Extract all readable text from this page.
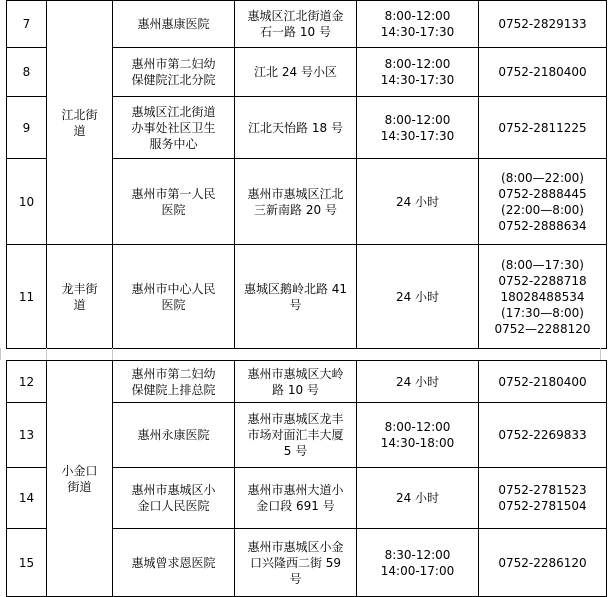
7	江北街
道	惠州惠康医院	惠城区江北街道金
石一路 10 号	8:00-12:00
14:30-17:30	0752-2829133

8		惠州市第二妇幼
保健院江北分院	江北 24 号小区	8:00-12:00
14:30-17:30	0752-2180400

9		惠城区江北街道
办事处社区卫生
服务中心	江北天怡路 18 号	8:00-12:00
14:30-17:30	0752-2811225

10		惠州市第一人民
医院	惠州市惠城区江北
三新南路 20 号	24 小时	(8:00—22:00)
0752-2888445
(22:00—8:00)
0752-2888634

11	龙丰街
道	惠州市中心人民
医院	惠城区鹅岭北路 41
号	24 小时	(8:00—17:30)
0752-2288718
18028488534
(17:30—8:00)
0752—2288120
12	小金口
街道	惠州市第二妇幼
保健院上排总院	惠州市惠城区大岭
路 10 号	24 小时	0752-2180400

13		惠州永康医院	惠州市惠城区龙丰
市场对面汇丰大厦
5 号	8:00-12:00
14:30-18:00	0752-2269833

14		惠州市惠城区小
金口人民医院	惠州市惠州大道小
金口段 691 号	24 小时	0752-2781523
0752-2781504

15		惠城曾求恩医院	惠州市惠城区小金
口兴隆西二街 59
号	8:30-12:00
14:00-17:00	0752-2286120
